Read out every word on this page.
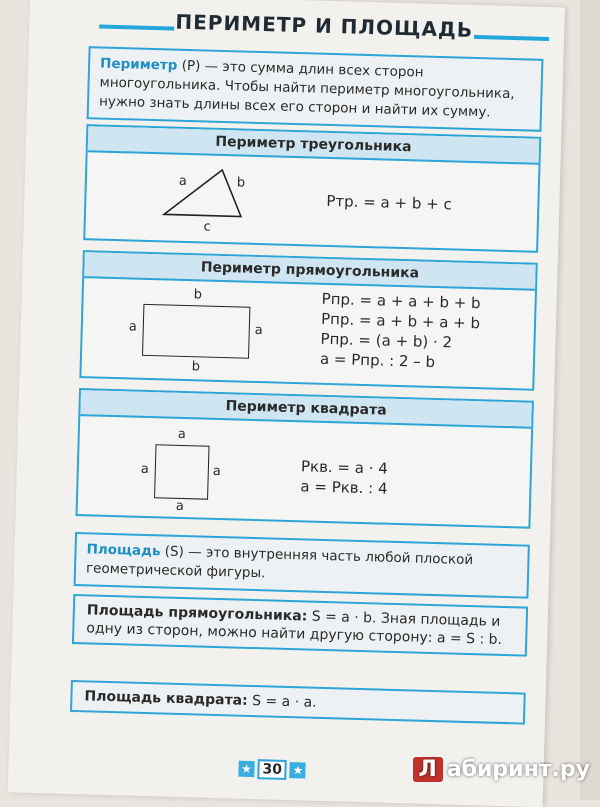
ПЕРИМЕТР И ПЛОЩАДЬ
Периметр (Р) — это сумма длин всех сторон многоугольника. Чтобы найти периметр многоугольника, нужно знать длины всех его сторон и найти их сумму.
Периметр треугольника
a	b
c
Pтр. = a + b + c
Периметр прямоугольника
b
b
a	a
Pпр. = a + a + b + b
Pпр. = a + b + a + b
Pпр. = (a + b) · 2
a = Pпр. : 2 – b
Периметр квадрата
a
a
a	a	Pкв. = a · 4
a = Pкв. : 4
Площадь (S) — это внутренняя часть любой плоской геометрической фигуры.
Площадь прямоугольника: S = a · b. Зная площадь и одну из сторон, можно найти другую сторону: a = S : b.
Площадь квадрата: S = a · a.
★ 30 ★	Л абиринт.ру
